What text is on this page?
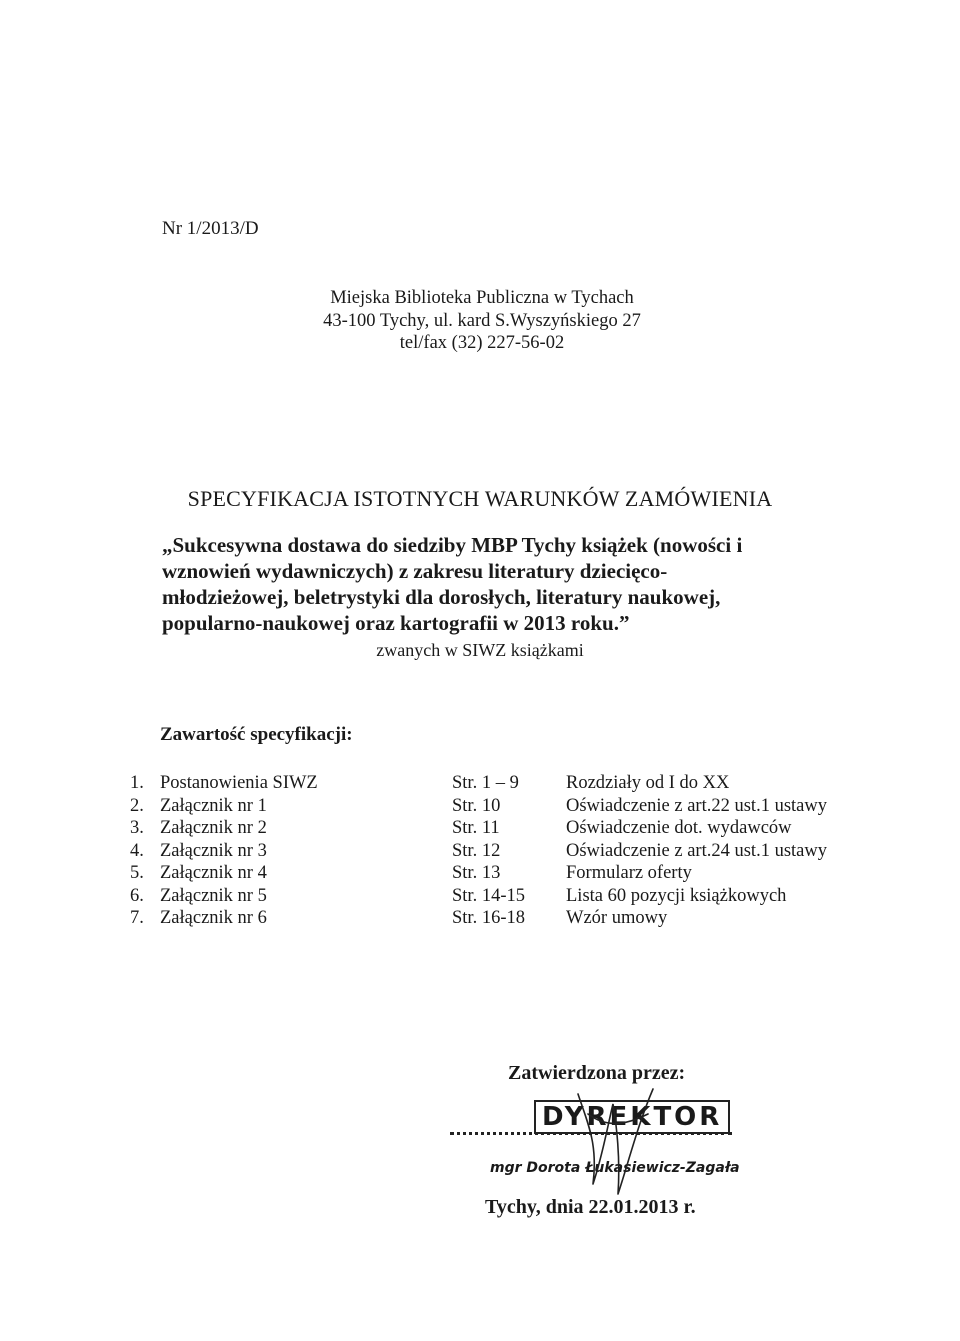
Nr 1/2013/D
Miejska Biblioteka Publiczna w Tychach
43-100 Tychy, ul. kard S.Wyszyńskiego 27
tel/fax (32) 227-56-02
SPECYFIKACJA ISTOTNYCH WARUNKÓW ZAMÓWIENIA
„Sukcesywna dostawa do siedziby MBP Tychy książek (nowości i
wznowień wydawniczych) z zakresu literatury dziecięco-
młodzieżowej, beletrystyki dla dorosłych, literatury naukowej,
popularno-naukowej oraz kartografii w 2013 roku.”
zwanych w SIWZ książkami
Zawartość specyfikacji:
1. Postanowienia SIWZ	Str. 1 – 9	Rozdziały od I do XX
2. Załącznik nr 1	Str. 10	Oświadczenie z art.22 ust.1 ustawy
3. Załącznik nr 2	Str. 11	Oświadczenie dot. wydawców
4. Załącznik nr 3	Str. 12	Oświadczenie z art.24 ust.1 ustawy
5. Załącznik nr 4	Str. 13	Formularz oferty
6. Załącznik nr 5	Str. 14-15 Lista 60 pozycji książkowych
7. Załącznik nr 6	Str. 16-18 Wzór umowy
Zatwierdzona przez:
DYREKTOR
mgr Dorota Łukasiewicz-Zagała
Tychy, dnia 22.01.2013 r.
